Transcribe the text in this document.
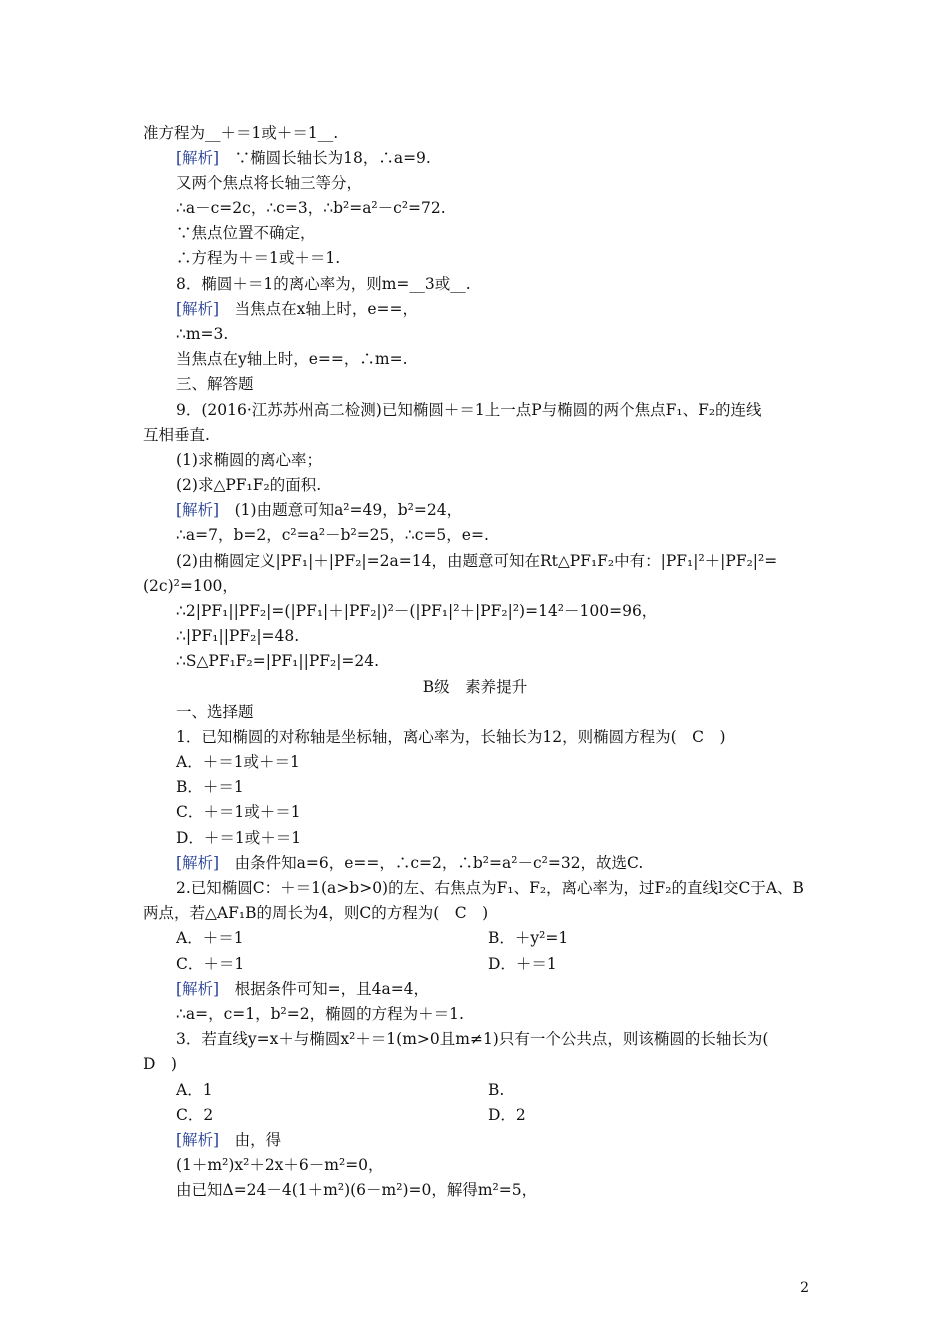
准方程为__＋＝1或＋＝1__.
[解析]　∵椭圆长轴长为18，∴a=9.
又两个焦点将长轴三等分，
∴a－c=2c，∴c=3，∴b²=a²－c²=72.
∵焦点位置不确定，
∴方程为＋＝1或＋＝1.
8．椭圆＋＝1的离心率为，则m=__3或__.
[解析]　当焦点在x轴上时，e==，
∴m=3.
当焦点在y轴上时，e==，∴m=.
三、解答题
9．(2016·江苏苏州高二检测)已知椭圆＋＝1上一点P与椭圆的两个焦点F₁、F₂的连线
互相垂直.
(1)求椭圆的离心率；
(2)求△PF₁F₂的面积.
[解析]　(1)由题意可知a²=49，b²=24，
∴a=7，b=2，c²=a²－b²=25，∴c=5，e=.
(2)由椭圆定义|PF₁|＋|PF₂|=2a=14，由题意可知在Rt△PF₁F₂中有：|PF₁|²＋|PF₂|²=
(2c)²=100，
∴2|PF₁||PF₂|=(|PF₁|＋|PF₂|)²－(|PF₁|²＋|PF₂|²)=14²－100=96，
∴|PF₁||PF₂|=48.
∴S△PF₁F₂=|PF₁||PF₂|=24.
B级　素养提升
一、选择题
1．已知椭圆的对称轴是坐标轴，离心率为，长轴长为12，则椭圆方程为(　C　)
A．＋＝1或＋＝1
B．＋＝1
C．＋＝1或＋＝1
D．＋＝1或＋＝1
[解析]　由条件知a=6，e==，∴c=2，∴b²=a²－c²=32，故选C.
2.已知椭圆C：＋＝1(a>b>0)的左、右焦点为F₁、F₂，离心率为，过F₂的直线l交C于A、B
两点，若△AF₁B的周长为4，则C的方程为(　C　)
A．＋＝1	B．＋y²=1
C．＋＝1	D．＋＝1
[解析]　根据条件可知=，且4a=4，
∴a=，c=1，b²=2，椭圆的方程为＋＝1.
3．若直线y=x＋与椭圆x²＋＝1(m>0且m≠1)只有一个公共点，则该椭圆的长轴长为(
D　)
A．1	B.
C．2	D．2
[解析]　由，得
(1＋m²)x²＋2x＋6－m²=0，
由已知Δ=24－4(1＋m²)(6－m²)=0，解得m²=5，
2
